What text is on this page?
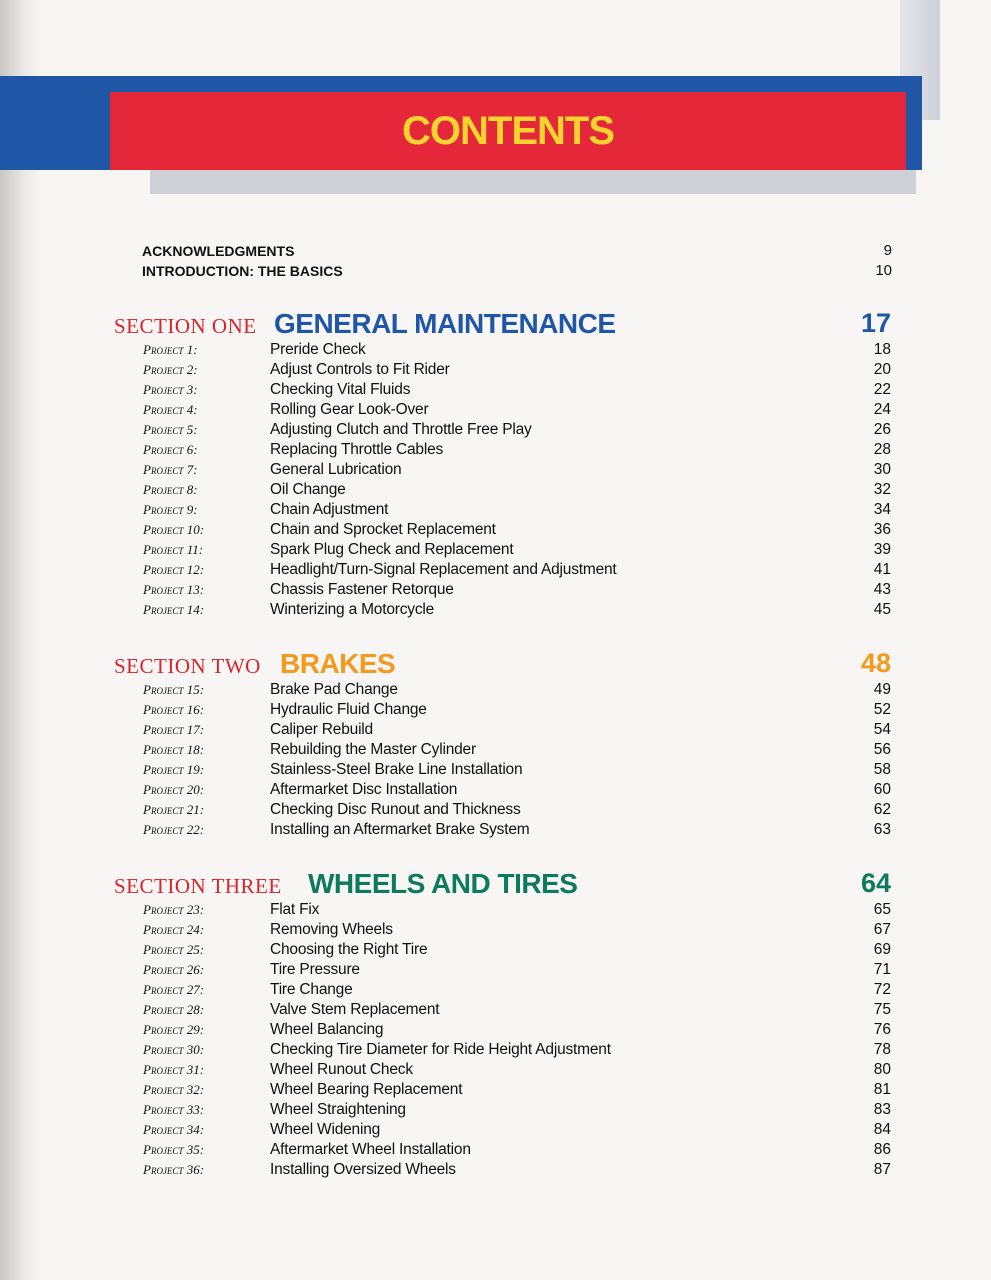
CONTENTS
ACKNOWLEDGMENTS	9
INTRODUCTION: THE BASICS	10
SECTION ONE GENERAL MAINTENANCE	17
Project 1:	Preride Check	18
Project 2:	Adjust Controls to Fit Rider	20
Project 3:	Checking Vital Fluids	22
Project 4:	Rolling Gear Look-Over	24
Project 5:	Adjusting Clutch and Throttle Free Play	26
Project 6:	Replacing Throttle Cables	28
Project 7:	General Lubrication	30
Project 8:	Oil Change	32
Project 9:	Chain Adjustment	34
Project 10:	Chain and Sprocket Replacement	36
Project 11:	Spark Plug Check and Replacement	39
Project 12:	Headlight/Turn-Signal Replacement and Adjustment	41
Project 13:	Chassis Fastener Retorque	43
Project 14:	Winterizing a Motorcycle	45
SECTION TWO BRAKES	48
Project 15:	Brake Pad Change	49
Project 16:	Hydraulic Fluid Change	52
Project 17:	Caliper Rebuild	54
Project 18:	Rebuilding the Master Cylinder	56
Project 19:	Stainless-Steel Brake Line Installation	58
Project 20:	Aftermarket Disc Installation	60
Project 21:	Checking Disc Runout and Thickness	62
Project 22:	Installing an Aftermarket Brake System	63
SECTION THREE WHEELS AND TIRES	64
Project 23:	Flat Fix	65
Project 24:	Removing Wheels	67
Project 25:	Choosing the Right Tire	69
Project 26:	Tire Pressure	71
Project 27:	Tire Change	72
Project 28:	Valve Stem Replacement	75
Project 29:	Wheel Balancing	76
Project 30:	Checking Tire Diameter for Ride Height Adjustment	78
Project 31:	Wheel Runout Check	80
Project 32:	Wheel Bearing Replacement	81
Project 33:	Wheel Straightening	83
Project 34:	Wheel Widening	84
Project 35:	Aftermarket Wheel Installation	86
Project 36:	Installing Oversized Wheels	87
